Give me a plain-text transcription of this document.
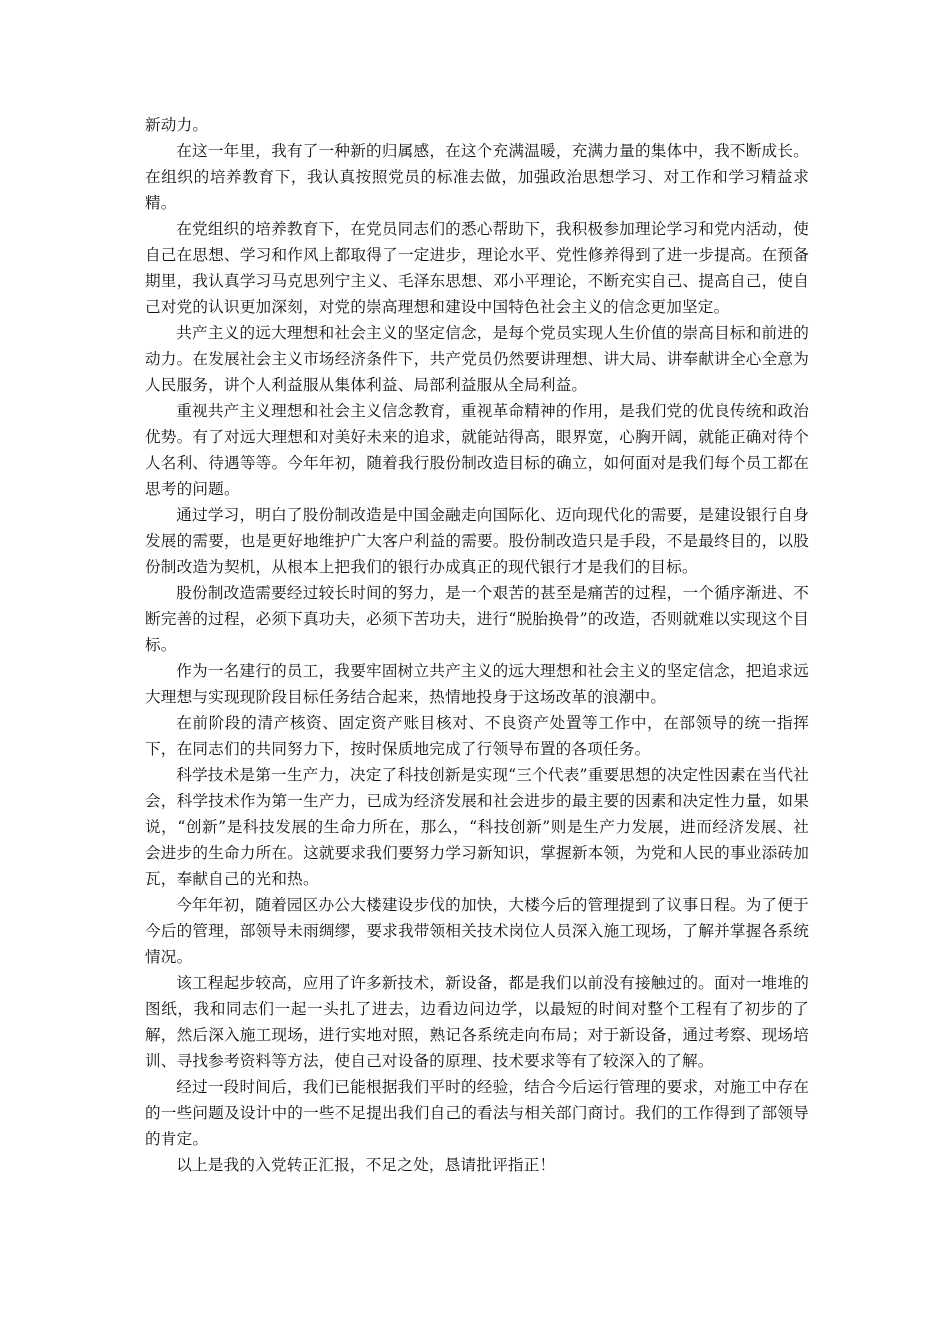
新动力。

在这一年里，我有了一种新的归属感，在这个充满温暖，充满力量的集体中，我不断成长。在组织的培养教育下，我认真按照党员的标准去做，加强政治思想学习、对工作和学习精益求精。

在党组织的培养教育下，在党员同志们的悉心帮助下，我积极参加理论学习和党内活动，使自己在思想、学习和作风上都取得了一定进步，理论水平、党性修养得到了进一步提高。在预备期里，我认真学习马克思列宁主义、毛泽东思想、邓小平理论，不断充实自己、提高自己，使自己对党的认识更加深刻，对党的崇高理想和建设中国特色社会主义的信念更加坚定。

共产主义的远大理想和社会主义的坚定信念，是每个党员实现人生价值的崇高目标和前进的动力。在发展社会主义市场经济条件下，共产党员仍然要讲理想、讲大局、讲奉献讲全心全意为人民服务，讲个人利益服从集体利益、局部利益服从全局利益。

重视共产主义理想和社会主义信念教育，重视革命精神的作用，是我们党的优良传统和政治优势。有了对远大理想和对美好未来的追求，就能站得高，眼界宽，心胸开阔，就能正确对待个人名利、待遇等等。今年年初，随着我行股份制改造目标的确立，如何面对是我们每个员工都在思考的问题。

通过学习，明白了股份制改造是中国金融走向国际化、迈向现代化的需要，是建设银行自身发展的需要，也是更好地维护广大客户利益的需要。股份制改造只是手段，不是最终目的，以股份制改造为契机，从根本上把我们的银行办成真正的现代银行才是我们的目标。

股份制改造需要经过较长时间的努力，是一个艰苦的甚至是痛苦的过程，一个循序渐进、不断完善的过程，必须下真功夫，必须下苦功夫，进行“脱胎换骨”的改造，否则就难以实现这个目标。

作为一名建行的员工，我要牢固树立共产主义的远大理想和社会主义的坚定信念，把追求远大理想与实现现阶段目标任务结合起来，热情地投身于这场改革的浪潮中。

在前阶段的清产核资、固定资产账目核对、不良资产处置等工作中，在部领导的统一指挥下，在同志们的共同努力下，按时保质地完成了行领导布置的各项任务。

科学技术是第一生产力，决定了科技创新是实现“三个代表”重要思想的决定性因素在当代社会，科学技术作为第一生产力，已成为经济发展和社会进步的最主要的因素和决定性力量，如果说，“创新”是科技发展的生命力所在，那么，“科技创新”则是生产力发展，进而经济发展、社会进步的生命力所在。这就要求我们要努力学习新知识，掌握新本领，为党和人民的事业添砖加瓦，奉献自己的光和热。

今年年初，随着园区办公大楼建设步伐的加快，大楼今后的管理提到了议事日程。为了便于今后的管理，部领导未雨绸缪，要求我带领相关技术岗位人员深入施工现场，了解并掌握各系统情况。

该工程起步较高，应用了许多新技术，新设备，都是我们以前没有接触过的。面对一堆堆的图纸，我和同志们一起一头扎了进去，边看边问边学，以最短的时间对整个工程有了初步的了解，然后深入施工现场，进行实地对照，熟记各系统走向布局；对于新设备，通过考察、现场培训、寻找参考资料等方法，使自己对设备的原理、技术要求等有了较深入的了解。

经过一段时间后，我们已能根据我们平时的经验，结合今后运行管理的要求，对施工中存在的一些问题及设计中的一些不足提出我们自己的看法与相关部门商讨。我们的工作得到了部领导的肯定。

以上是我的入党转正汇报，不足之处，恳请批评指正！
